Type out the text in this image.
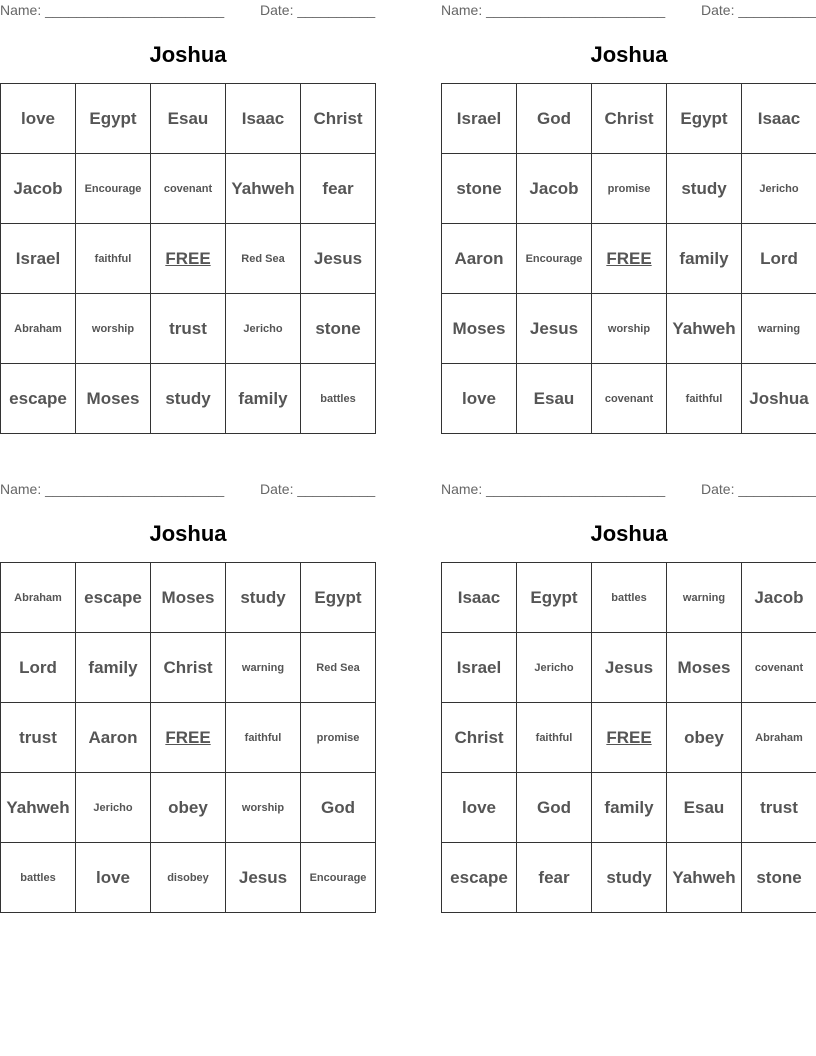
Name: _______________________	Date: __________
Joshua
love	Egypt	Esau	Isaac	Christ
Jacob	Encourage	covenant	Yahweh	fear
Israel	faithful	FREE	Red Sea	Jesus
Abraham	worship	trust	Jericho	stone
escape	Moses	study	family	battles
Name: _______________________	Date: __________
Joshua
Israel	God	Christ	Egypt	Isaac
stone	Jacob	promise	study	Jericho
Aaron	Encourage	FREE	family	Lord
Moses	Jesus	worship	Yahweh	warning
love	Esau	covenant	faithful	Joshua
Name: _______________________	Date: __________
Joshua
Abraham	escape	Moses	study	Egypt
Lord	family	Christ	warning	Red Sea
trust	Aaron	FREE	faithful	promise
Yahweh	Jericho	obey	worship	God
battles	love	disobey	Jesus	Encourage
Name: _______________________	Date: __________
Joshua
Isaac	Egypt	battles	warning	Jacob
Israel	Jericho	Jesus	Moses	covenant
Christ	faithful	FREE	obey	Abraham
love	God	family	Esau	trust
escape	fear	study	Yahweh	stone
